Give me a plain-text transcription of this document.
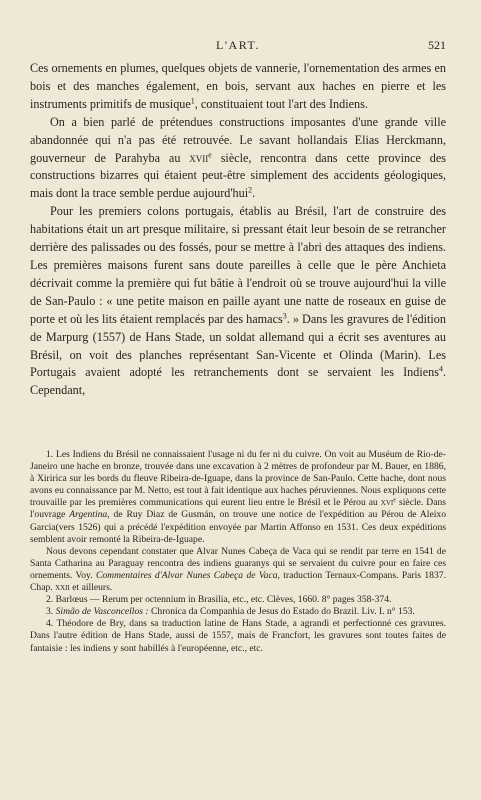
L'ART.	521

Ces ornements en plumes, quelques objets de vannerie, l'ornementation des armes en bois et des manches également, en bois, servant aux haches en pierre et les instruments primitifs de musique$^1$, constituaient tout l'art des Indiens.

On a bien parlé de prétendues constructions imposantes d'une grande ville abandonnée qui n'a pas été retrouvée. Le savant hollandais Elias Herckmann, gouverneur de Parahyba au xvii$^e$ siècle, rencontra dans cette province des constructions bizarres qui étaient peut-être simplement des accidents géologiques, mais dont la trace semble perdue aujourd'hui$^2$.

Pour les premiers colons portugais, établis au Brésil, l'art de construire des habitations était un art presque militaire, si pressant était leur besoin de se retrancher derrière des palissades ou des fossés, pour se mettre à l'abri des attaques des indiens. Les premières maisons furent sans doute pareilles à celle que le père Anchieta décrivait comme la première qui fut bâtie à l'endroit où se trouve aujourd'hui la ville de San-Paulo : « une petite maison en paille ayant une natte de roseaux en guise de porte et où les lits étaient remplacés par des hamacs$^3$. » Dans les gravures de l'édition de Marpurg (1557) de Hans Stade, un soldat allemand qui a écrit ses aventures au Brésil, on voit des planches représentant San-Vicente et Olinda (Marin). Les Portugais avaient adopté les retranchements dont se servaient les Indiens$^4$. Cependant,

1. Les Indiens du Brésil ne connaissaient l'usage ni du fer ni du cuivre. On voit au Muséum de Rio-de-Janeiro une hache en bronze, trouvée dans une excavation à 2 mètres de profondeur par M. Bauer, en 1886, à Xiririca sur les bords du fleuve Ribeira-de-Iguape, dans la province de San-Paulo. Cette hache, dont nous avons eu connaissance par M. Netto, est tout à fait identique aux haches péruviennes. Nous expliquons cette trouvaille par les premières communications qui eurent lieu entre le Brésil et le Pérou au xvi$^e$ siècle. Dans l'ouvrage Argentina, de Ruy Diaz de Gusmán, on trouve une notice de l'expédition au Pérou de Aleixo Garcia(vers 1526) qui a précédé l'expédition envoyée par Martin Affonso en 1531. Ces deux expéditions semblent avoir remonté la Ribeira-de-Iguape.

Nous devons cependant constater que Alvar Nunes Cabeça de Vaca qui se rendit par terre en 1541 de Santa Catharina au Paraguay rencontra des indiens guaranys qui se servaient du cuivre pour en faire ces ornements. Voy. Commentaires d'Alvar Nunes Cabeça de Vaca, traduction Ternaux-Compans. Paris 1837. Chap. xxii et ailleurs.

2. Barlœus — Rerum per octennium in Brasilia, etc., etc. Clèves, 1660. 8° pages 358-374.

3. Simão de Vasconcellos : Chronica da Companhia de Jesus do Estado do Brazil. Liv. I. n° 153.

4. Théodore de Bry, dans sa traduction latine de Hans Stade, a agrandi et perfectionné ces gravures. Dans l'autre édition de Hans Stade, aussi de 1557, mais de Francfort, les gravures sont toutes faites de fantaisie : les indiens y sont habillés à l'européenne, etc., etc.
